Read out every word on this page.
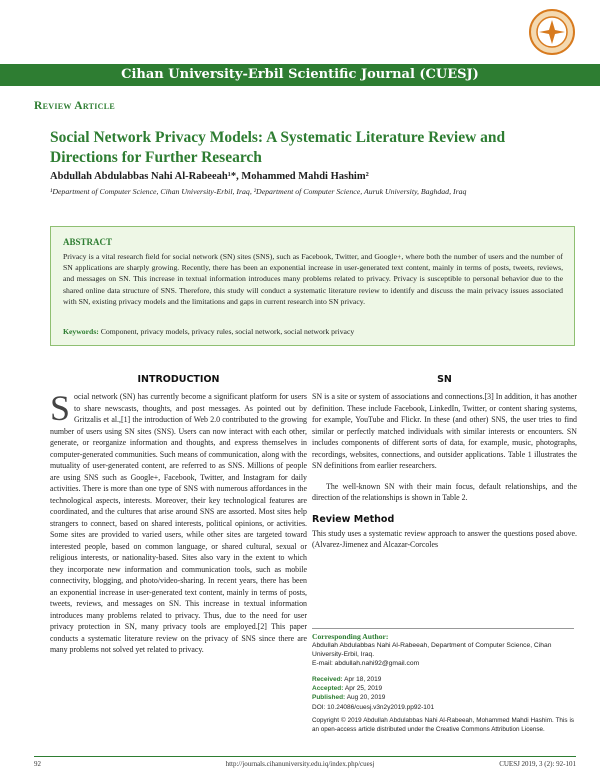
Cihan University-Erbil Scientific Journal (CUESJ)
Review Article
Social Network Privacy Models: A Systematic Literature Review and Directions for Further Research
Abdullah Abdulabbas Nahi Al-Rabeeah¹*, Mohammed Mahdi Hashim²
¹Department of Computer Science, Cihan University-Erbil, Iraq, ²Department of Computer Science, Auruk University, Baghdad, Iraq
ABSTRACT
Privacy is a vital research field for social network (SN) sites (SNS), such as Facebook, Twitter, and Google+, where both the number of users and the number of SN applications are sharply growing. Recently, there has been an exponential increase in user-generated text content, mainly in terms of posts, tweets, reviews, and messages on SN. This increase in textual information introduces many problems related to privacy. Privacy is susceptible to personal behavior due to the shared online data structure of SNS. Therefore, this study will conduct a systematic literature review to identify and discuss the main privacy issues associated with SN, existing privacy models and the limitations and gaps in current research into SN privacy.
Keywords: Component, privacy models, privacy rules, social network, social network privacy
INTRODUCTION

Social network (SN) has currently become a significant platform for users to share newscasts, thoughts, and post messages. As pointed out by Gritzalis et al.,[1] the introduction of Web 2.0 contributed to the growing number of users using SN sites (SNS). Users can now interact with each other, generate, or reorganize information and thoughts, and express themselves in computer-generated communities. Such means of communication, along with the mutuality of user-generated content, are referred to as SNS. Millions of people are using SNS such as Google+, Facebook, Twitter, and Instagram for daily activities. There is more than one type of SNS with numerous affordances in the technological aspects, interests. Moreover, their key technological features are coordinated, and the cultures that arise around SNS are assorted. Most sites help strangers to connect, based on shared interests, political opinions, or activities. Some sites are provided to varied users, while other sites are targeted toward interested people, based on common language, or shared cultural, sexual or religious interests, or nationality-based. Sites also vary in the extent to which they incorporate new information and communication tools, such as mobile connectivity, blogging, and photo/video-sharing. In recent years, there has been an exponential increase in user-generated text content, mainly in terms of posts, tweets, reviews, and messages on SN. This increase in textual information introduces many problems related to privacy. Thus, due to the need for user privacy protection in SN, many privacy tools are employed.[2] This paper conducts a systematic literature review on the privacy of SNS since there are many problems not solved yet related to privacy.

SN

SN is a site or system of associations and connections.[3] In addition, it has another definition. These include Facebook, LinkedIn, Twitter, or content sharing systems, for example, YouTube and Flickr. In these (and other) SNS, the user tries to find similar or perfectly matched individuals with similar interests or encounters. SN includes components of different sorts of data, for example, music, photographs, recordings, websites, connections, and outsider applications. Table 1 illustrates the SN definitions from earlier researchers.

The well-known SN with their main focus, default relationships, and the direction of the relationships is shown in Table 2.

Review Method

This study uses a systematic review approach to answer the questions posed above. (Alvarez-Jimenez and Alcazar-Corcoles

Corresponding Author:
Abdullah Abdulabbas Nahi Al-Rabeeah, Department of Computer Science, Cihan University-Erbil, Iraq.
E-mail: abdullah.nahi92@gmail.com
Received: Apr 18, 2019
Accepted: Apr 25, 2019
Published: Aug 20, 2019
DOI: 10.24086/cuesj.v3n2y2019.pp92-101
Copyright © 2019 Abdullah Abdulabbas Nahi Al-Rabeeah, Mohammed Mahdi Hashim. This is an open-access article distributed under the Creative Commons Attribution License.
92	http://journals.cihanuniversity.edu.iq/index.php/cuesj	CUESJ 2019, 3 (2): 92-101
